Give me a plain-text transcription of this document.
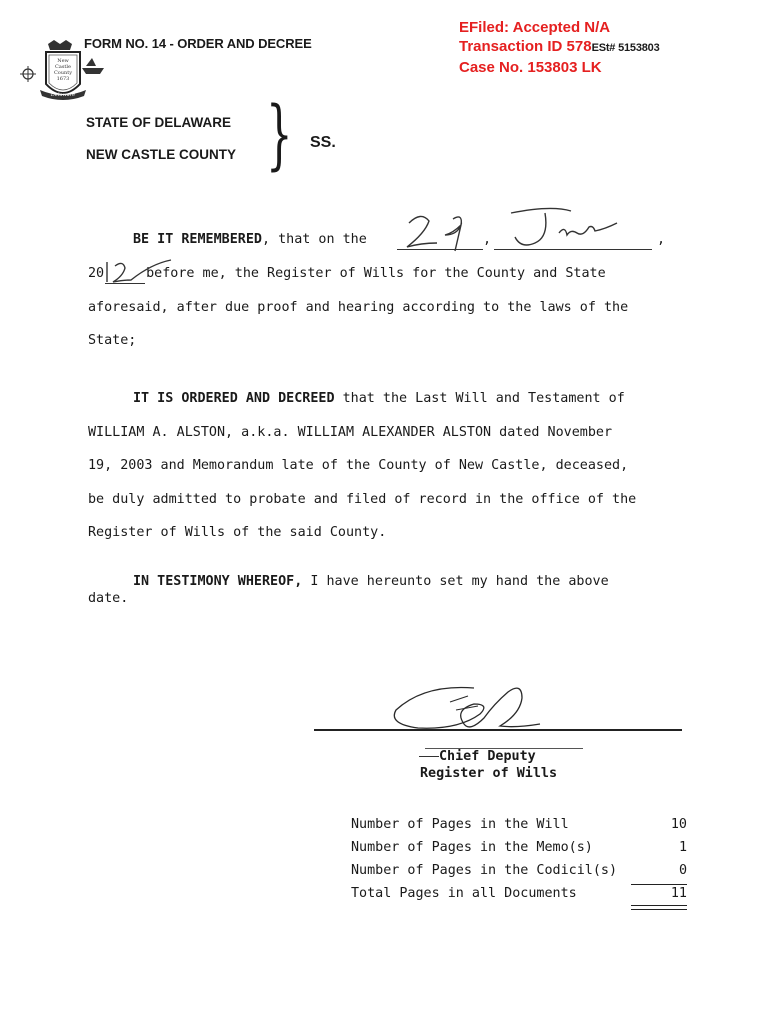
New
Castle
County
1673
Delaware
FORM NO. 14 - ORDER AND DECREE
EFiled: Accepted N/A
Transaction ID 578ESt# 5153803
Case No. 153803 LK
STATE OF DELAWARE
NEW CASTLE COUNTY } SS.
BE IT REMEMBERED, that on the	,	,
20	before me, the Register of Wills for the County and State
aforesaid, after due proof and hearing according to the laws of the
State;
IT IS ORDERED AND DECREED that the Last Will and Testament of
WILLIAM A. ALSTON, a.k.a. WILLIAM ALEXANDER ALSTON dated November
19, 2003 and Memorandum late of the County of New Castle, deceased,
be duly admitted to probate and filed of record in the office of the
Register of Wills of the said County.
IN TESTIMONY WHEREOF, I have hereunto set my hand the above
date.
Chief Deputy
Register of Wills
Number of Pages in the Will	10
Number of Pages in the Memo(s)	1
Number of Pages in the Codicil(s)	0
Total Pages in all Documents	11
